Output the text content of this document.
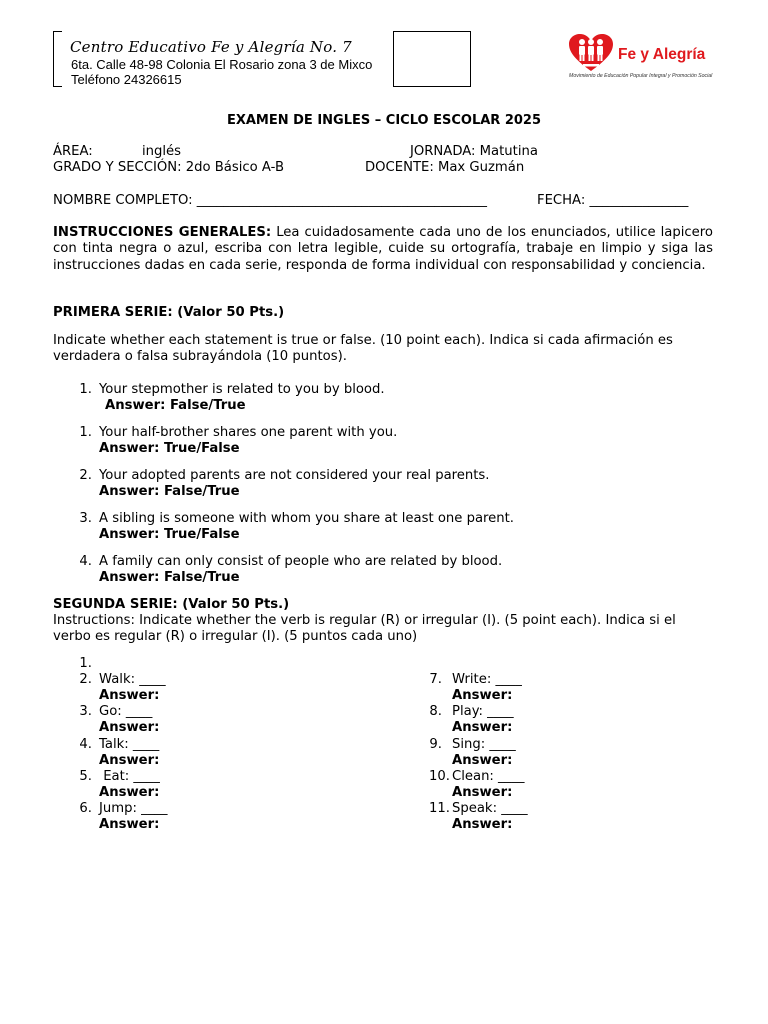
Centro Educativo Fe y Alegría No. 7
6ta. Calle 48-98 Colonia El Rosario zona 3 de Mixco
Teléfono 24326615
Fe y Alegría
Movimiento de Educación Popular Integral y Promoción Social
EXAMEN DE INGLES – CICLO ESCOLAR 2025
ÁREA:	inglés	JORNADA: Matutina
GRADO Y SECCIÓN: 2do Básico A-B	DOCENTE: Max Guzmán
NOMBRE COMPLETO: ____________________________________________	FECHA: _______________
INSTRUCCIONES GENERALES: Lea cuidadosamente cada uno de los enunciados, utilice lapicero con tinta negra o azul, escriba con letra legible, cuide su ortografía, trabaje en limpio y siga las instrucciones dadas en cada serie, responda de forma individual con responsabilidad y conciencia.
PRIMERA SERIE: (Valor 50 Pts.)
Indicate whether each statement is true or false. (10 point each). Indica si cada afirmación es verdadera o falsa subrayándola (10 puntos).
1. Your stepmother is related to you by blood.
Answer: False/True
1. Your half-brother shares one parent with you.
Answer: True/False
2. Your adopted parents are not considered your real parents.
Answer: False/True
3. A sibling is someone with whom you share at least one parent.
Answer: True/False
4. A family can only consist of people who are related by blood.
Answer: False/True
SEGUNDA SERIE: (Valor 50 Pts.)
Instructions: Indicate whether the verb is regular (R) or irregular (I). (5 point each). Indica si el verbo es regular (R) o irregular (I). (5 puntos cada uno)
1.
2. Walk: ____
Answer:
3. Go: ____
Answer:
4. Talk: ____
Answer:
5. Eat: ____
Answer:
6. Jump: ____
Answer:
7. Write: ____
Answer:
8. Play: ____
Answer:
9. Sing: ____
Answer:
10. Clean: ____
Answer:
11. Speak: ____
Answer:
